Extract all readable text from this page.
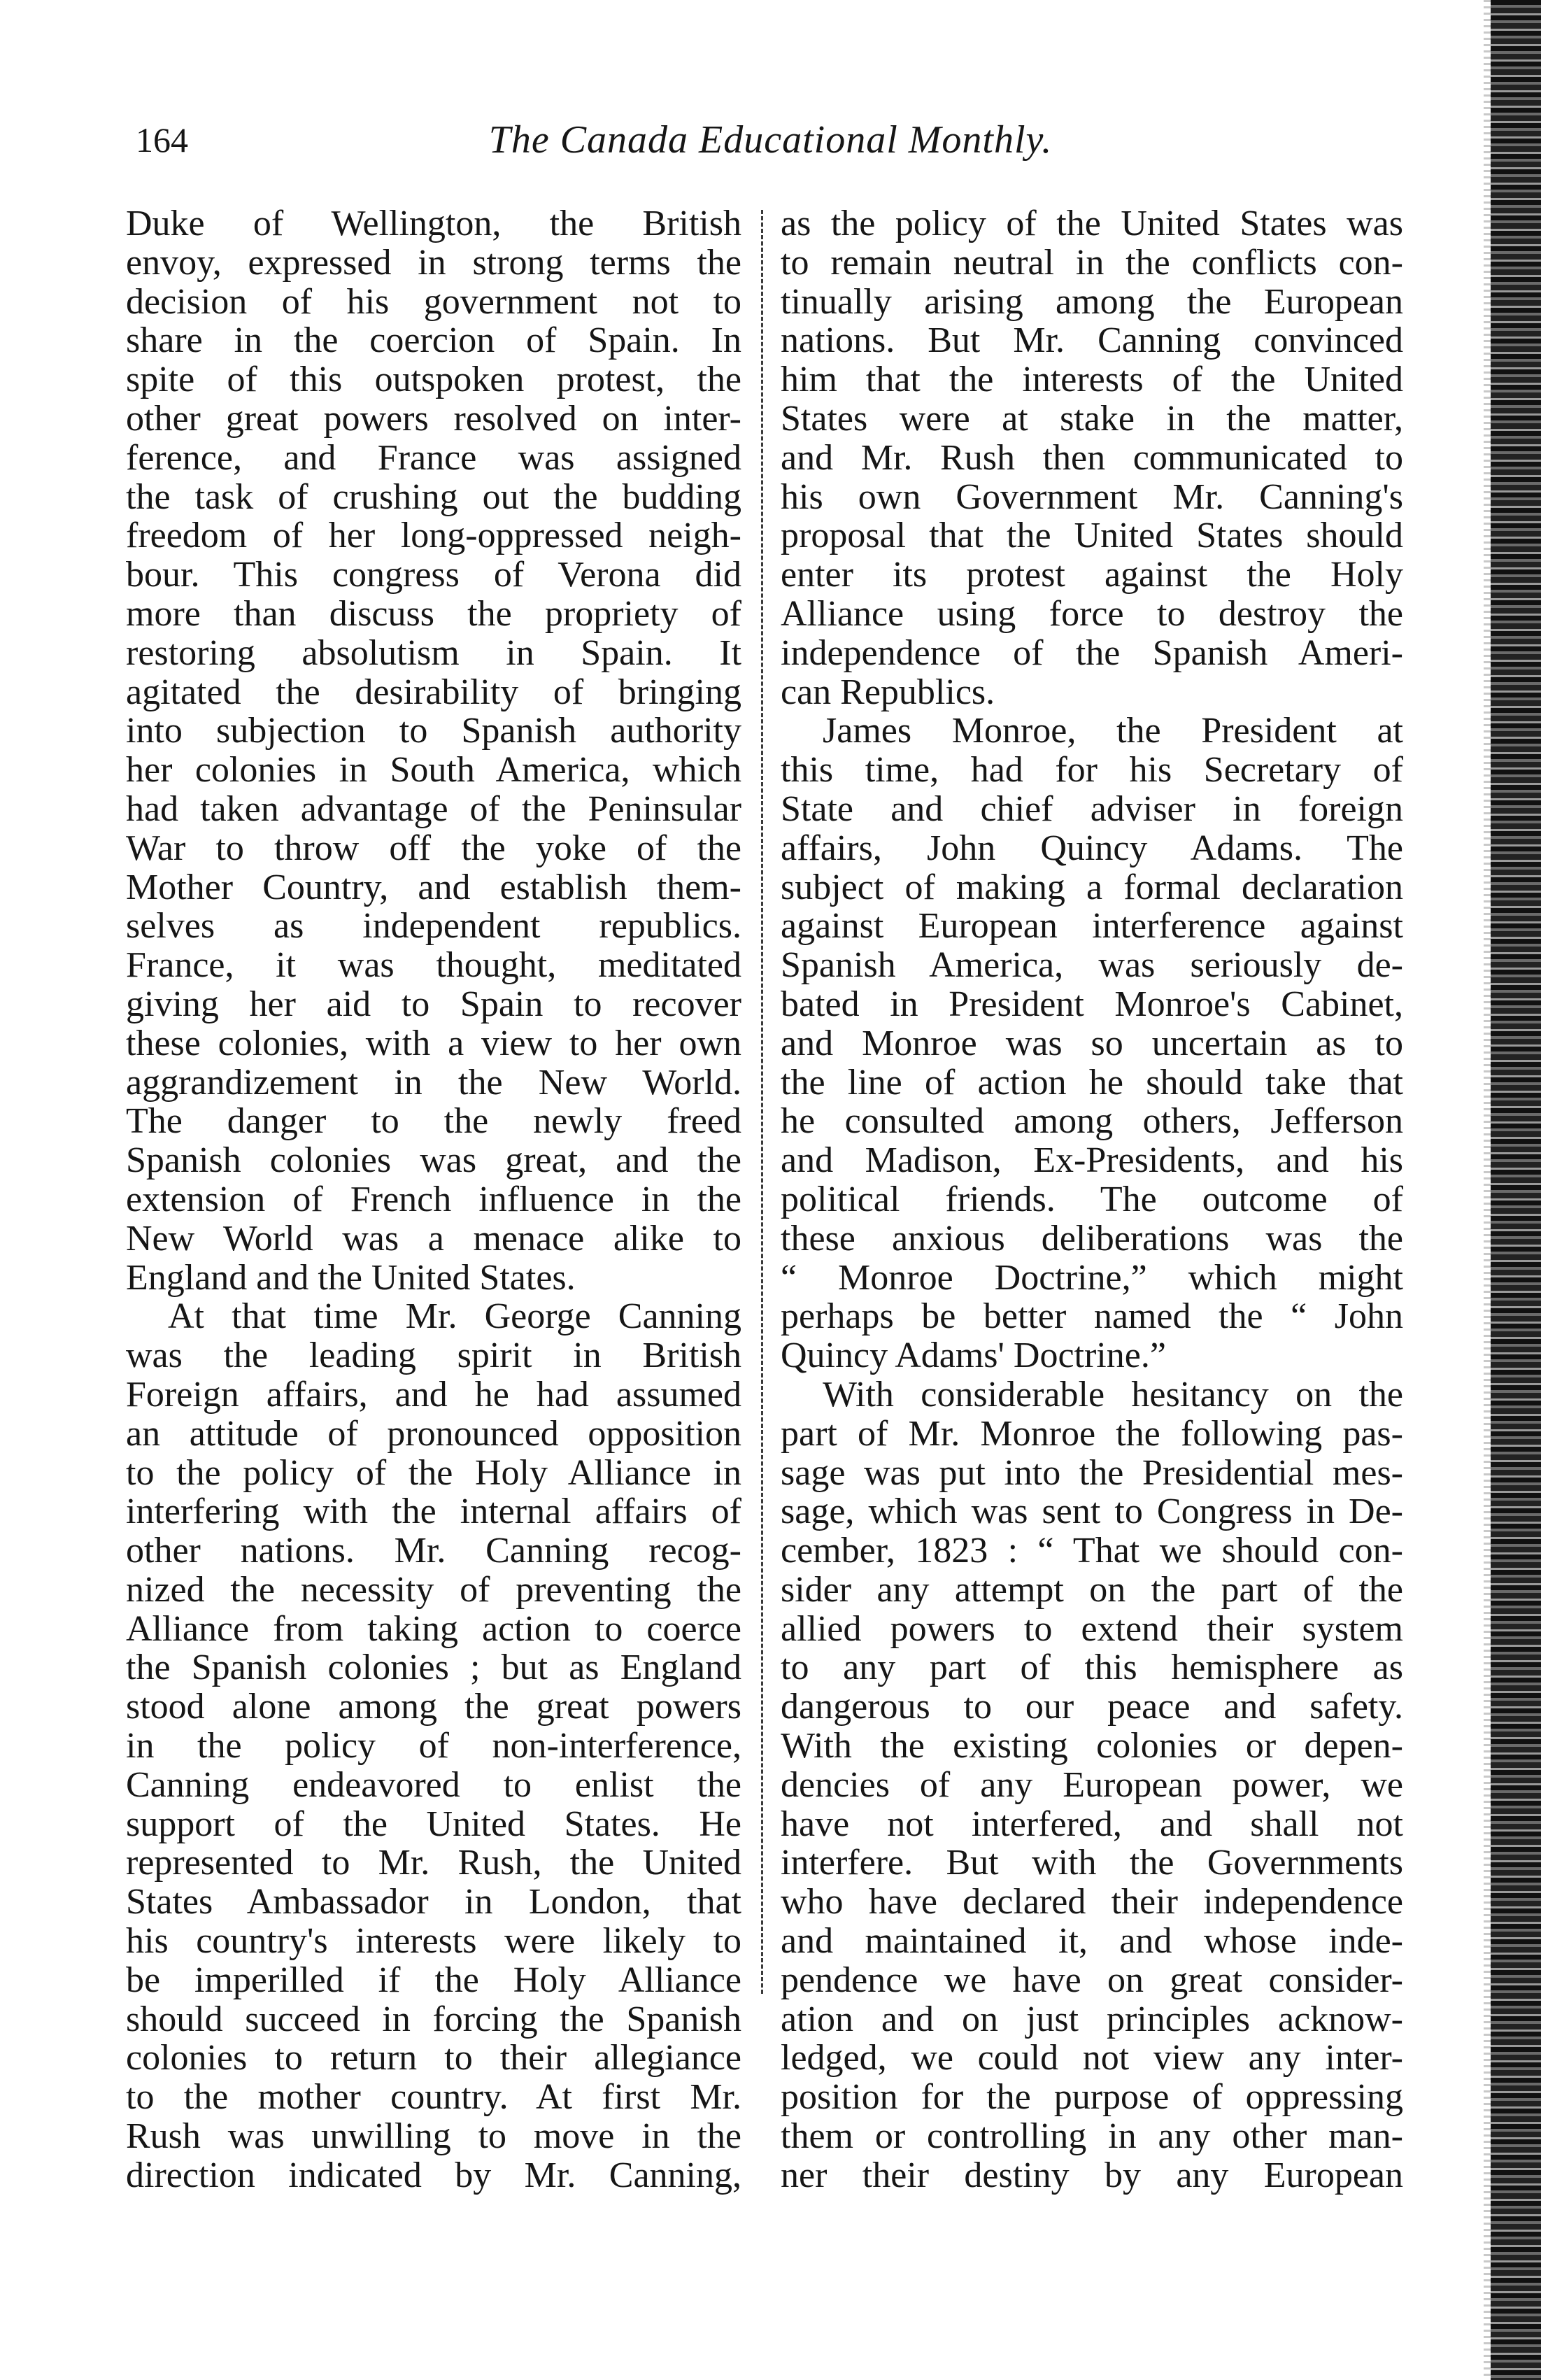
164	The Canada Educational Monthly.
Duke of Wellington, the British
envoy, expressed in strong terms the
decision of his government not to
share in the coercion of Spain. In
spite of this outspoken protest, the
other great powers resolved on inter-
ference, and France was assigned
the task of crushing out the budding
freedom of her long-oppressed neigh-
bour. This congress of Verona did
more than discuss the propriety of
restoring absolutism in Spain. It
agitated the desirability of bringing
into subjection to Spanish authority
her colonies in South America, which
had taken advantage of the Peninsular
War to throw off the yoke of the
Mother Country, and establish them-
selves as independent republics.
France, it was thought, meditated
giving her aid to Spain to recover
these colonies, with a view to her own
aggrandizement in the New World.
The danger to the newly freed
Spanish colonies was great, and the
extension of French influence in the
New World was a menace alike to
England and the United States.
At that time Mr. George Canning
was the leading spirit in British
Foreign affairs, and he had assumed
an attitude of pronounced opposition
to the policy of the Holy Alliance in
interfering with the internal affairs of
other nations. Mr. Canning recog-
nized the necessity of preventing the
Alliance from taking action to coerce
the Spanish colonies ; but as England
stood alone among the great powers
in the policy of non-interference,
Canning endeavored to enlist the
support of the United States. He
represented to Mr. Rush, the United
States Ambassador in London, that
his country's interests were likely to
be imperilled if the Holy Alliance
should succeed in forcing the Spanish
colonies to return to their allegiance
to the mother country. At first Mr.
Rush was unwilling to move in the
direction indicated by Mr. Canning,
as the policy of the United States was
to remain neutral in the conflicts con-
tinually arising among the European
nations. But Mr. Canning convinced
him that the interests of the United
States were at stake in the matter,
and Mr. Rush then communicated to
his own Government Mr. Canning's
proposal that the United States should
enter its protest against the Holy
Alliance using force to destroy the
independence of the Spanish Ameri-
can Republics.
James Monroe, the President at
this time, had for his Secretary of
State and chief adviser in foreign
affairs, John Quincy Adams. The
subject of making a formal declaration
against European interference against
Spanish America, was seriously de-
bated in President Monroe's Cabinet,
and Monroe was so uncertain as to
the line of action he should take that
he consulted among others, Jefferson
and Madison, Ex-Presidents, and his
political friends. The outcome of
these anxious deliberations was the
“ Monroe Doctrine,” which might
perhaps be better named the “ John
Quincy Adams' Doctrine.”
With considerable hesitancy on the
part of Mr. Monroe the following pas-
sage was put into the Presidential mes-
sage, which was sent to Congress in De-
cember, 1823 : “ That we should con-
sider any attempt on the part of the
allied powers to extend their system
to any part of this hemisphere as
dangerous to our peace and safety.
With the existing colonies or depen-
dencies of any European power, we
have not interfered, and shall not
interfere. But with the Governments
who have declared their independence
and maintained it, and whose inde-
pendence we have on great consider-
ation and on just principles acknow-
ledged, we could not view any inter-
position for the purpose of oppressing
them or controlling in any other man-
ner their destiny by any European
